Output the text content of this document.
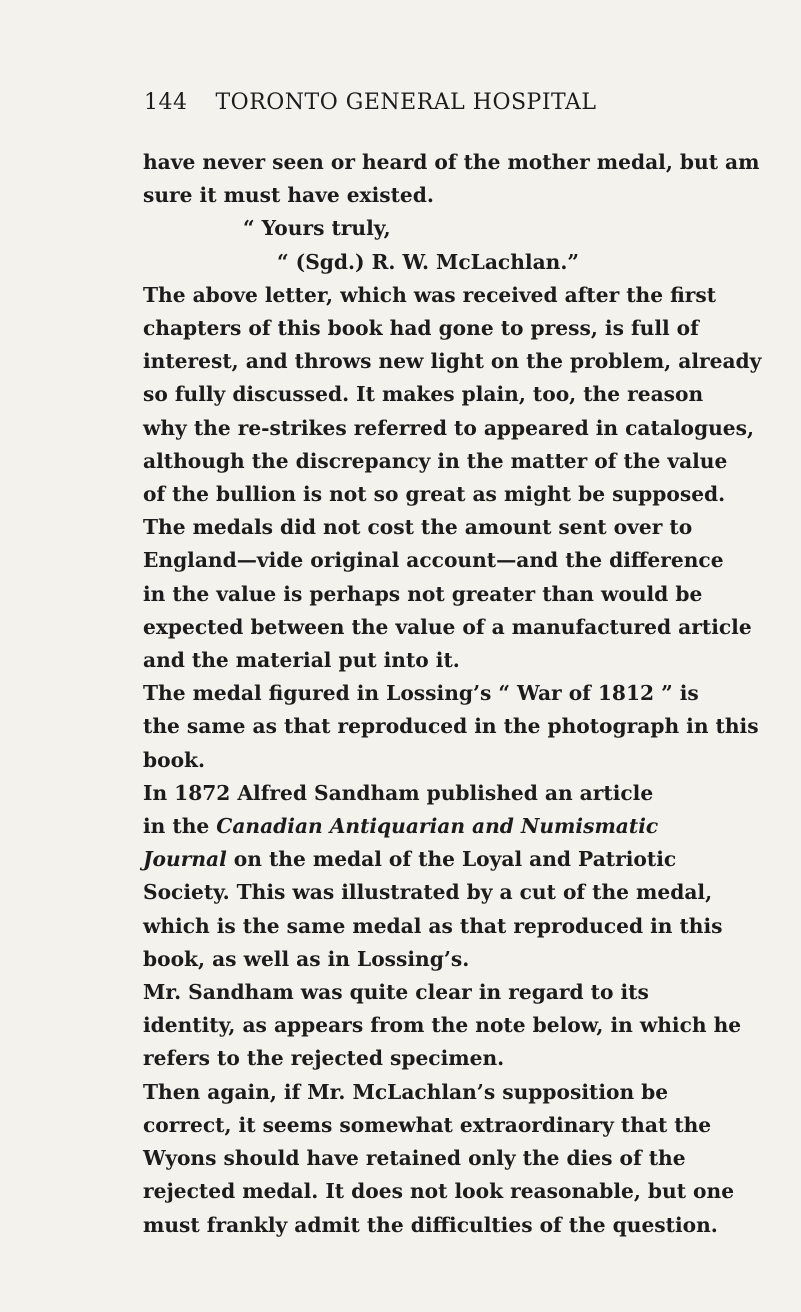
144 TORONTO GENERAL HOSPITAL
have never seen or heard of the mother medal, but am
sure it must have existed.
“ Yours truly,
“ (Sgd.) R. W. McLachlan.”
The above letter, which was received after the first
chapters of this book had gone to press, is full of
interest, and throws new light on the problem, already
so fully discussed. It makes plain, too, the reason
why the re-strikes referred to appeared in catalogues,
although the discrepancy in the matter of the value
of the bullion is not so great as might be supposed.
The medals did not cost the amount sent over to
England—vide original account—and the difference
in the value is perhaps not greater than would be
expected between the value of a manufactured article
and the material put into it.
The medal figured in Lossing’s “ War of 1812 ” is
the same as that reproduced in the photograph in this
book.
In 1872 Alfred Sandham published an article
in the Canadian Antiquarian and Numismatic
Journal on the medal of the Loyal and Patriotic
Society. This was illustrated by a cut of the medal,
which is the same medal as that reproduced in this
book, as well as in Lossing’s.
Mr. Sandham was quite clear in regard to its
identity, as appears from the note below, in which he
refers to the rejected specimen.
Then again, if Mr. McLachlan’s supposition be
correct, it seems somewhat extraordinary that the
Wyons should have retained only the dies of the
rejected medal. It does not look reasonable, but one
must frankly admit the difficulties of the question.
